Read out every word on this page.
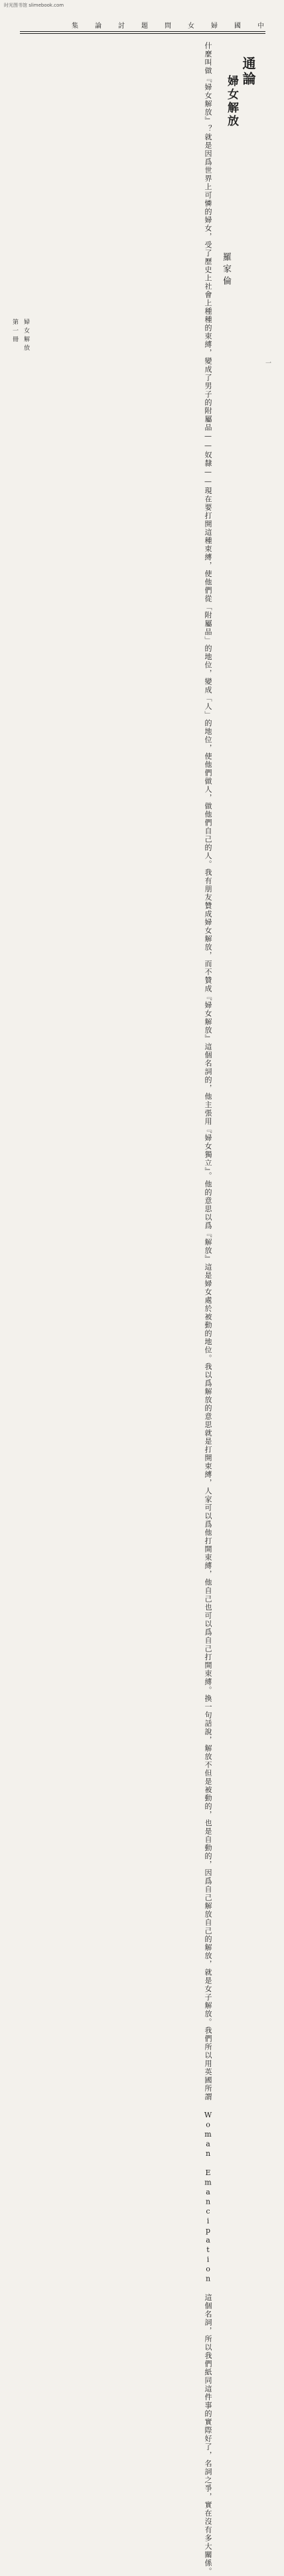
时光图书馆 slimebook.com
集	論	討	題	問	女	婦	國	中
通論
婦女解放
羅家倫
什麼叫做『婦女解放』？就是因爲世界上可憐的婦女，受了歷史上社會上種種的束縛，變成了男子的附屬品——奴隸——現在要打開這種束縛，使他們從「附屬品」的地位，變成「人」的地位，使他們做人，做他們自己的人。我有朋友贊成婦女解放，而不贊成『婦女解放』這個名詞的，他主張用『婦女獨立』。他的意思以爲『解放』這是婦女處於被動的地位。我以爲解放的意思就是打開束縛，人家可以爲他打開束縛，他自己也可以爲自己打開束縛。換一句話說，解放不但是被動的，也是自動的，因爲自己解放自己的解放，就是女子解放。我們所以用英國所謂 Woman Emancipation 這個名詞，所以我們紙同這件事的實際好了，名詞之爭，實在沒有多大關係。
第一冊 婦女解放
一
